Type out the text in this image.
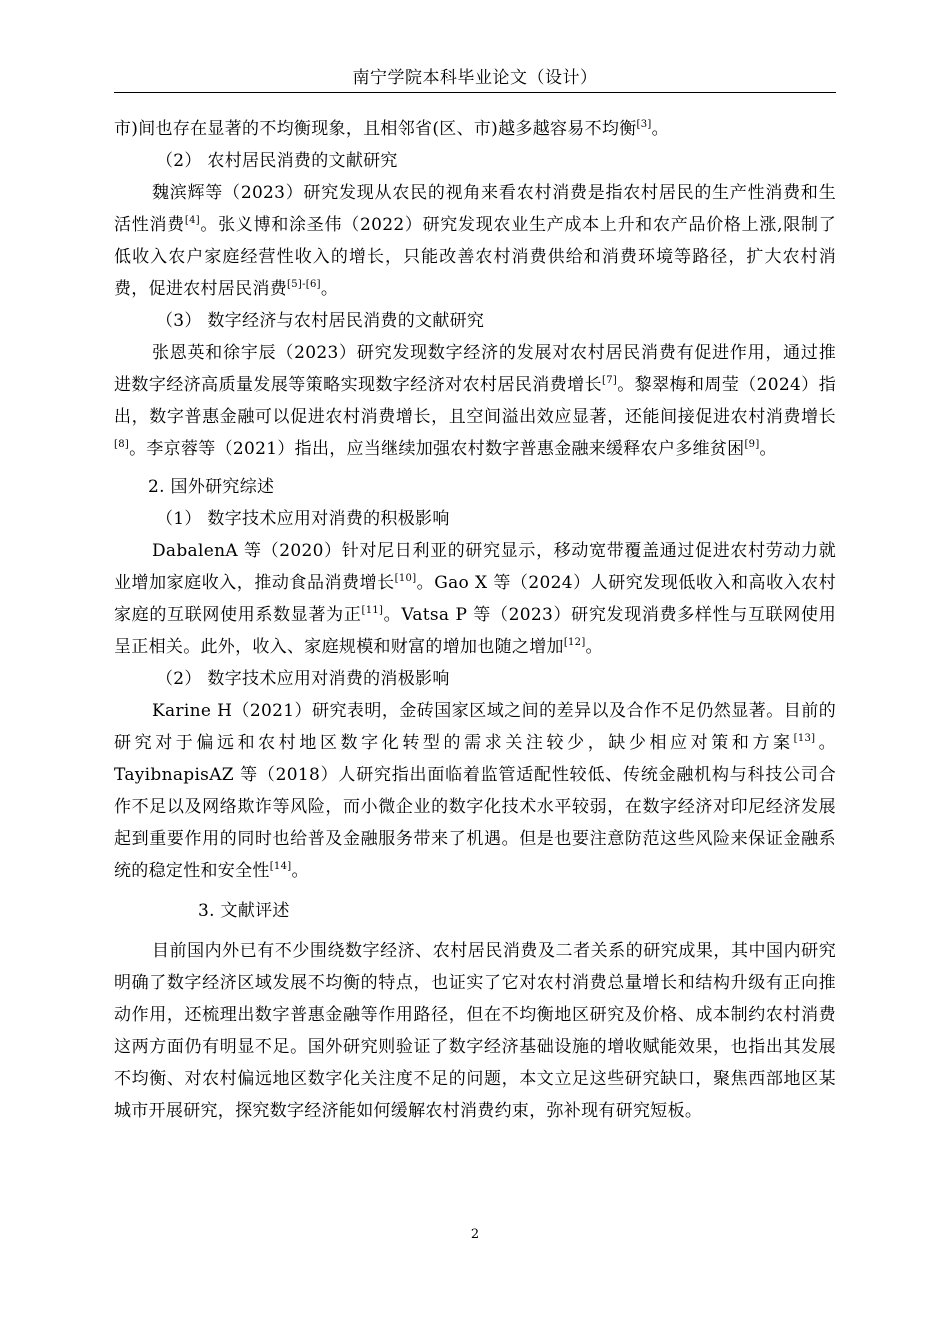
南宁学院本科毕业论文（设计）

市)间也存在显著的不均衡现象，且相邻省(区、市)越多越容易不均衡[3]。

（2） 农村居民消费的文献研究

魏滨辉等（2023）研究发现从农民的视角来看农村消费是指农村居民的生产性消费和生活性消费[4]。张义博和涂圣伟（2022）研究发现农业生产成本上升和农产品价格上涨,限制了低收入农户家庭经营性收入的增长，只能改善农村消费供给和消费环境等路径，扩大农村消费，促进农村居民消费[5]-[6]。

（3） 数字经济与农村居民消费的文献研究

张恩英和徐宇辰（2023）研究发现数字经济的发展对农村居民消费有促进作用，通过推进数字经济高质量发展等策略实现数字经济对农村居民消费增长[7]。黎翠梅和周莹（2024）指出，数字普惠金融可以促进农村消费增长，且空间溢出效应显著，还能间接促进农村消费增长[8]。李京蓉等（2021）指出，应当继续加强农村数字普惠金融来缓释农户多维贫困[9]。

2. 国外研究综述

（1） 数字技术应用对消费的积极影响

DabalenA 等（2020）针对尼日利亚的研究显示，移动宽带覆盖通过促进农村劳动力就业增加家庭收入，推动食品消费增长[10]。Gao X 等（2024）人研究发现低收入和高收入农村家庭的互联网使用系数显著为正[11]。Vatsa P 等（2023）研究发现消费多样性与互联网使用呈正相关。此外，收入、家庭规模和财富的增加也随之增加[12]。

（2） 数字技术应用对消费的消极影响

Karine H（2021）研究表明，金砖国家区域之间的差异以及合作不足仍然显著。目前的研究对于偏远和农村地区数字化转型的需求关注较少，缺少相应对策和方案[13]。TayibnapisAZ 等（2018）人研究指出面临着监管适配性较低、传统金融机构与科技公司合作不足以及网络欺诈等风险，而小微企业的数字化技术水平较弱，在数字经济对印尼经济发展起到重要作用的同时也给普及金融服务带来了机遇。但是也要注意防范这些风险来保证金融系统的稳定性和安全性[14]。

3. 文献评述

目前国内外已有不少围绕数字经济、农村居民消费及二者关系的研究成果，其中国内研究明确了数字经济区域发展不均衡的特点，也证实了它对农村消费总量增长和结构升级有正向推动作用，还梳理出数字普惠金融等作用路径，但在不均衡地区研究及价格、成本制约农村消费这两方面仍有明显不足。国外研究则验证了数字经济基础设施的增收赋能效果，也指出其发展不均衡、对农村偏远地区数字化关注度不足的问题，本文立足这些研究缺口，聚焦西部地区某城市开展研究，探究数字经济能如何缓解农村消费约束，弥补现有研究短板。

2
